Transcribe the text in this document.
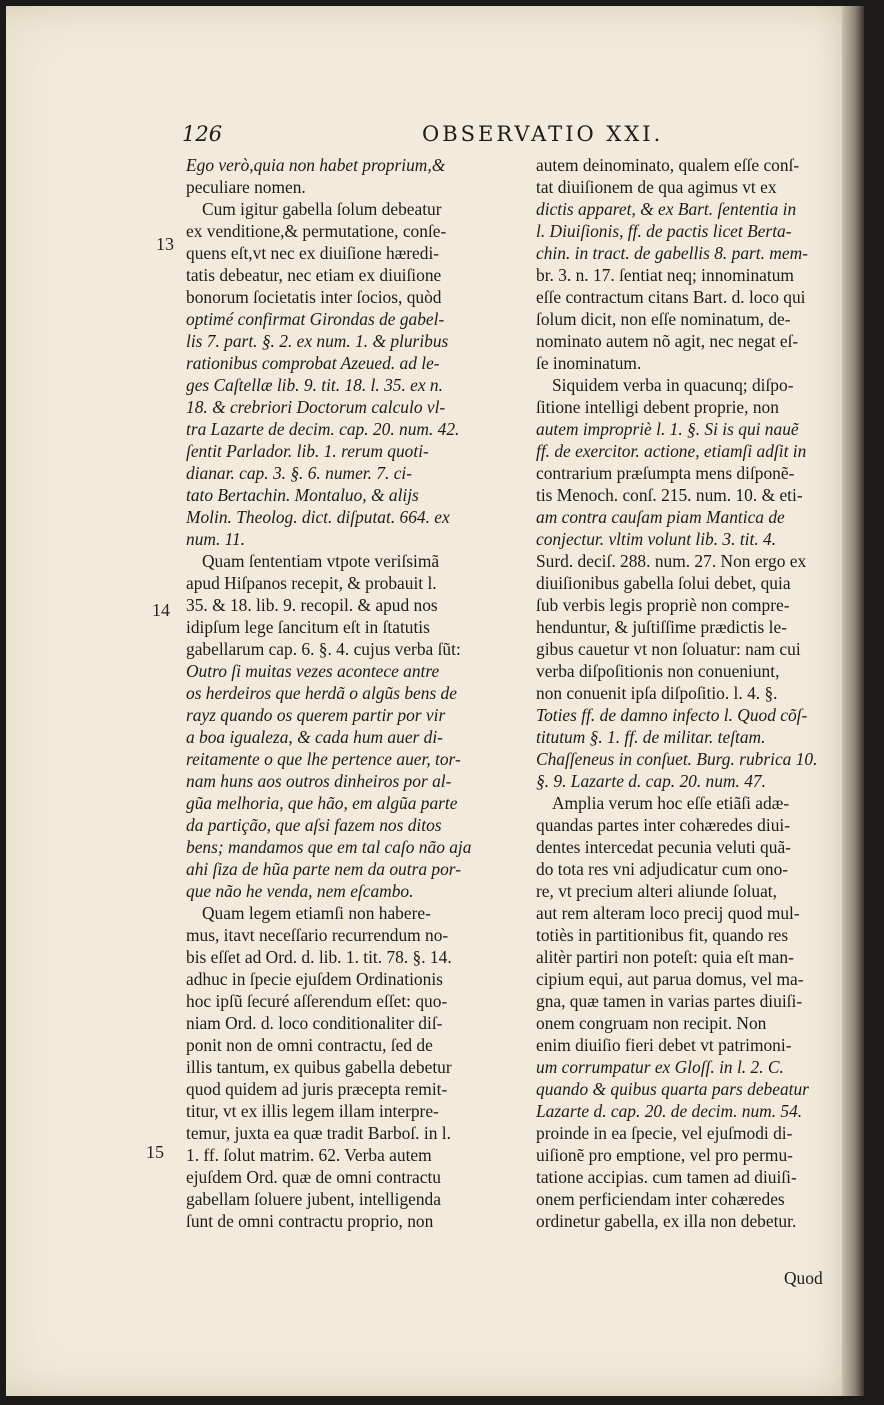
126	OBSERVATIO XXI.
13
14
15
Ego verò,quia non habet proprium,&
peculiare nomen.
Cum igitur gabella ſolum debeatur
ex venditione,& permutatione, conſe-
quens eſt,vt nec ex diuiſione hæredi-
tatis debeatur, nec etiam ex diuiſione
bonorum ſocietatis inter ſocios, quòd
optimé confirmat Girondas de gabel-
lis 7. part. §. 2. ex num. 1. & pluribus
rationibus comprobat Azeued. ad le-
ges Caſtellæ lib. 9. tit. 18. l. 35. ex n.
18. & crebriori Doctorum calculo vl-
tra Lazarte de decim. cap. 20. num. 42.
ſentit Parlador. lib. 1. rerum quoti-
dianar. cap. 3. §. 6. numer. 7. ci-
tato Bertachin. Montaluo, & alijs
Molin. Theolog. dict. diſputat. 664. ex
num. 11.
Quam ſententiam vtpote veriſsimã
apud Hiſpanos recepit, & probauit l.
35. & 18. lib. 9. recopil. & apud nos
idipſum lege ſancitum eſt in ſtatutis
gabellarum cap. 6. §. 4. cujus verba ſũt:
Outro ſi muitas vezes acontece antre
os herdeiros que herdã o algũs bens de
rayz quando os querem partir por vir
a boa igualeza, & cada hum auer di-
reitamente o que lhe pertence auer, tor-
nam huns aos outros dinheiros por al-
gũa melhoria, que hão, em algũa parte
da partição, que aſsi fazem nos ditos
bens; mandamos que em tal caſo não aja
ahi ſiza de hũa parte nem da outra por-
que não he venda, nem eſcambo.
Quam legem etiamſi non habere-
mus, itavt neceſſario recurrendum no-
bis eſſet ad Ord. d. lib. 1. tit. 78. §. 14.
adhuc in ſpecie ejuſdem Ordinationis
hoc ipſũ ſecuré aſſerendum eſſet: quo-
niam Ord. d. loco conditionaliter diſ-
ponit non de omni contractu, ſed de
illis tantum, ex quibus gabella debetur
quod quidem ad juris præcepta remit-
titur, vt ex illis legem illam interpre-
temur, juxta ea quæ tradit Barboſ. in l.
1. ff. ſolut matrim. 62. Verba autem
ejuſdem Ord. quæ de omni contractu
gabellam ſoluere jubent, intelligenda
ſunt de omni contractu proprio, non
autem deinominato, qualem eſſe conſ-
tat diuiſionem de qua agimus vt ex
dictis apparet, & ex Bart. ſententia in
l. Diuiſionis, ff. de pactis licet Berta-
chin. in tract. de gabellis 8. part. mem-
br. 3. n. 17. ſentiat neq; innominatum
eſſe contractum citans Bart. d. loco qui
ſolum dicit, non eſſe nominatum, de-
nominato autem nõ agit, nec negat eſ-
ſe inominatum.
Siquidem verba in quacunq; diſpo-
ſitione intelligi debent proprie, non
autem impropriè l. 1. §. Si is qui nauẽ
ff. de exercitor. actione, etiamſi adſit in
contrarium præſumpta mens diſponẽ-
tis Menoch. conſ. 215. num. 10. & eti-
am contra cauſam piam Mantica de
conjectur. vltim volunt lib. 3. tit. 4.
Surd. deciſ. 288. num. 27. Non ergo ex
diuiſionibus gabella ſolui debet, quia
ſub verbis legis propriè non compre-
henduntur, & juſtiſſime prædictis le-
gibus cauetur vt non ſoluatur: nam cui
verba diſpoſitionis non conueniunt,
non conuenit ipſa diſpoſitio. l. 4. §.
Toties ff. de damno infecto l. Quod cõſ-
titutum §. 1. ff. de militar. teſtam.
Chaſſeneus in conſuet. Burg. rubrica 10.
§. 9. Lazarte d. cap. 20. num. 47.
Amplia verum hoc eſſe etiãſi adæ-
quandas partes inter cohæredes diui-
dentes intercedat pecunia veluti quã-
do tota res vni adjudicatur cum ono-
re, vt precium alteri aliunde ſoluat,
aut rem alteram loco precij quod mul-
totiès in partitionibus fit, quando res
alitèr partiri non poteſt: quia eſt man-
cipium equi, aut parua domus, vel ma-
gna, quæ tamen in varias partes diuiſi-
onem congruam non recipit. Non
enim diuiſio fieri debet vt patrimoni-
um corrumpatur ex Gloſſ. in l. 2. C.
quando & quibus quarta pars debeatur
Lazarte d. cap. 20. de decim. num. 54.
proinde in ea ſpecie, vel ejuſmodi di-
uiſionẽ pro emptione, vel pro permu-
tatione accipias. cum tamen ad diuiſi-
onem perficiendam inter cohæredes
ordinetur gabella, ex illa non debetur.
Quod
